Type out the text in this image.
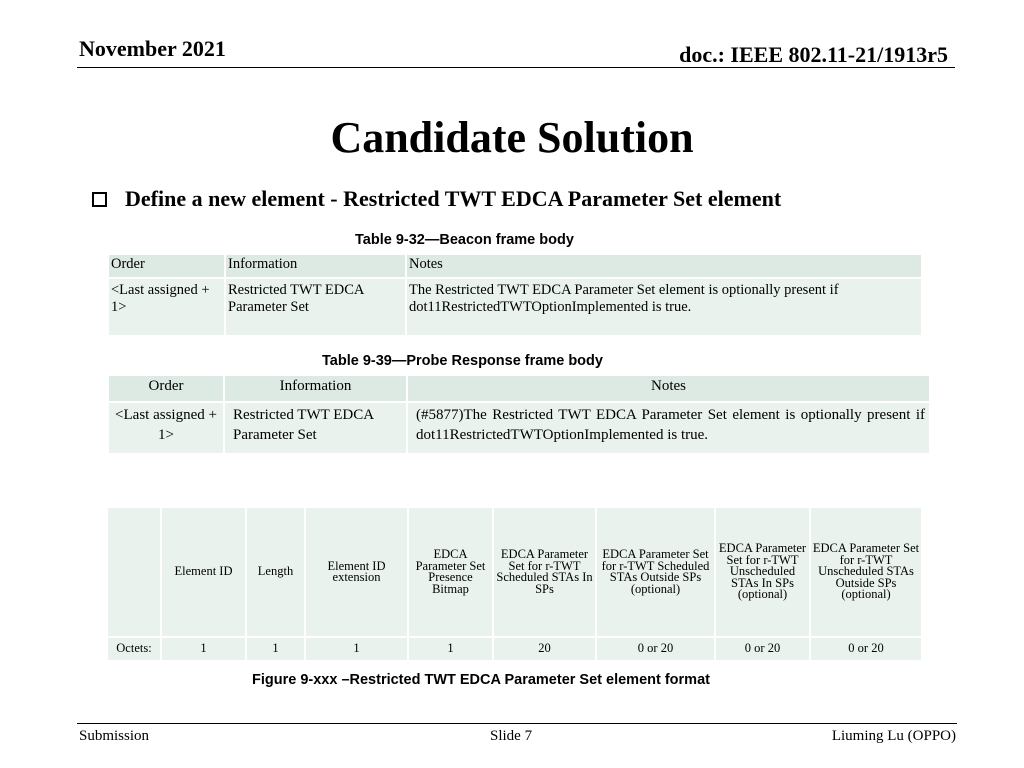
November 2021	doc.: IEEE 802.11-21/1913r5
Candidate Solution
Define a new element - Restricted TWT EDCA Parameter Set element
Table 9-32—Beacon frame body
Order	Information	Notes
<Last assigned + 1>	Restricted TWT EDCA Parameter Set	The Restricted TWT EDCA Parameter Set element is optionally present if dot11RestrictedTWTOptionImplemented is true.
Table 9-39—Probe Response frame body
Order	Information	Notes
<Last assigned + 1>	Restricted TWT EDCA Parameter Set	(#5877)The Restricted TWT EDCA Parameter Set element is optionally present if dot11RestrictedTWTOptionImplemented is true.
	Element ID	Length	Element ID extension	EDCA Parameter Set Presence Bitmap	EDCA Parameter Set for r-TWT Scheduled STAs In SPs	EDCA Parameter Set for r-TWT Scheduled STAs Outside SPs (optional)	EDCA Parameter Set for r-TWT Unscheduled STAs In SPs (optional)	EDCA Parameter Set for r-TWT Unscheduled STAs Outside SPs (optional)
Octets:	1	1	1	1	20	0 or 20	0 or 20	0 or 20
Figure 9-xxx –Restricted TWT EDCA Parameter Set element format
Submission	Slide 7	Liuming Lu (OPPO)
